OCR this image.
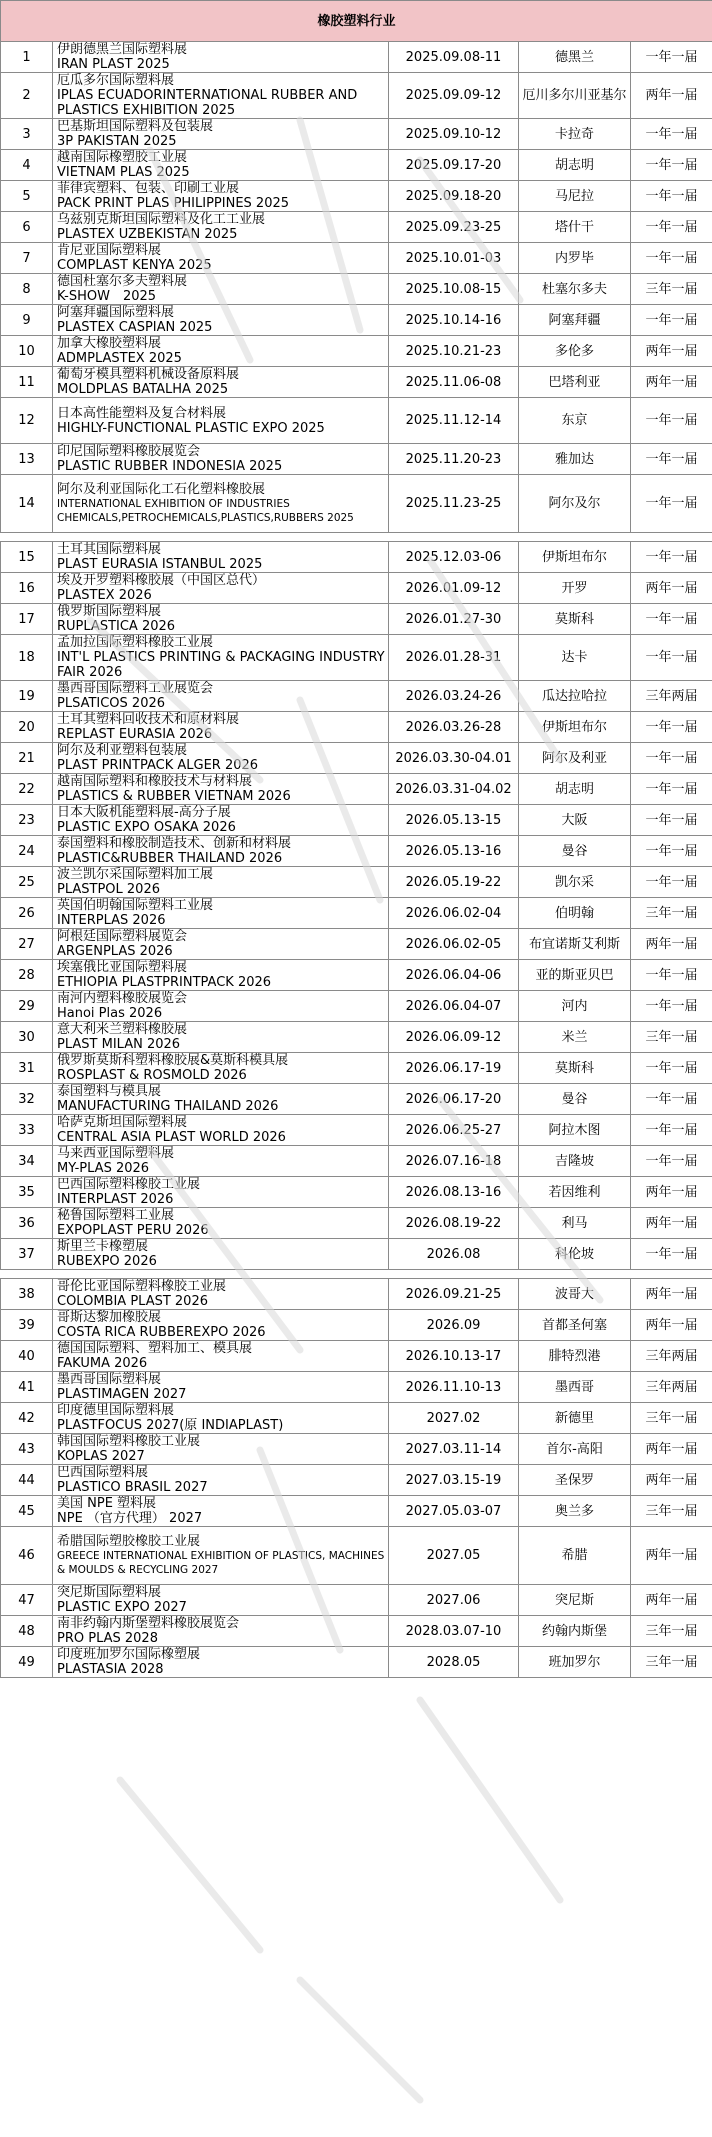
橡胶塑料行业				
1	伊朗德黑兰国际塑料展
IRAN PLAST 2025	2025.09.08-11	德黑兰	一年一届
2	厄瓜多尔国际塑料展
IPLAS ECUADORINTERNATIONAL RUBBER AND PLASTICS EXHIBITION 2025	2025.09.09-12	厄川多尔川亚基尔	两年一届
3	巴基斯坦国际塑料及包装展
3P PAKISTAN 2025	2025.09.10-12	卡拉奇	一年一届
4	越南国际橡塑胶工业展
VIETNAM PLAS 2025	2025.09.17-20	胡志明	一年一届
5	菲律宾塑料、包装、印刷工业展
PACK PRINT PLAS PHILIPPINES 2025	2025.09.18-20	马尼拉	一年一届
6	乌兹别克斯坦国际塑料及化工工业展
PLASTEX UZBEKISTAN 2025	2025.09.23-25	塔什干	一年一届
7	肯尼亚国际塑料展
COMPLAST KENYA 2025	2025.10.01-03	内罗毕	一年一届
8	德国杜塞尔多夫塑料展
K-SHOW　2025	2025.10.08-15	杜塞尔多夫	三年一届
9	阿塞拜疆国际塑料展
PLASTEX CASPIAN 2025	2025.10.14-16	阿塞拜疆	一年一届
10	加拿大橡胶塑料展
ADMPLASTEX 2025	2025.10.21-23	多伦多	两年一届
11	葡萄牙模具塑料机械设备原料展
MOLDPLAS BATALHA 2025	2025.11.06-08	巴塔利亚	两年一届
12	日本高性能塑料及复合材料展
HIGHLY-FUNCTIONAL PLASTIC EXPO 2025	2025.11.12-14	东京	一年一届
13	印尼国际塑料橡胶展览会
PLASTIC RUBBER INDONESIA 2025	2025.11.20-23	雅加达	一年一届
14	阿尔及利亚国际化工石化塑料橡胶展
INTERNATIONAL EXHIBITION OF INDUSTRIES CHEMICALS,PETROCHEMICALS,PLASTICS,RUBBERS 2025	2025.11.23-25	阿尔及尔	一年一届

15	土耳其国际塑料展
PLAST EURASIA ISTANBUL 2025	2025.12.03-06	伊斯坦布尔	一年一届
16	埃及开罗塑料橡胶展（中国区总代）
PLASTEX 2026	2026.01.09-12	开罗	两年一届
17	俄罗斯国际塑料展
RUPLASTICA 2026	2026.01.27-30	莫斯科	一年一届
18	孟加拉国际塑料橡胶工业展
INT'L PLASTICS PRINTING & PACKAGING INDUSTRY FAIR 2026	2026.01.28-31	达卡	一年一届
19	墨西哥国际塑料工业展览会
PLSATICOS 2026	2026.03.24-26	瓜达拉哈拉	三年两届
20	土耳其塑料回收技术和原材料展
REPLAST EURASIA 2026	2026.03.26-28	伊斯坦布尔	一年一届
21	阿尔及利亚塑料包装展
PLAST PRINTPACK ALGER 2026	2026.03.30-04.01	阿尔及利亚	一年一届
22	越南国际塑料和橡胶技术与材料展
PLASTICS & RUBBER VIETNAM 2026	2026.03.31-04.02	胡志明	一年一届
23	日本大阪机能塑料展-高分子展
PLASTIC EXPO OSAKA 2026	2026.05.13-15	大阪	一年一届
24	泰国塑料和橡胶制造技术、创新和材料展
PLASTIC&RUBBER THAILAND 2026	2026.05.13-16	曼谷	一年一届
25	波兰凯尔采国际塑料加工展
PLASTPOL 2026	2026.05.19-22	凯尔采	一年一届
26	英国伯明翰国际塑料工业展
INTERPLAS 2026	2026.06.02-04	伯明翰	三年一届
27	阿根廷国际塑料展览会
ARGENPLAS 2026	2026.06.02-05	布宜诺斯艾利斯	两年一届
28	埃塞俄比亚国际塑料展
ETHIOPIA PLASTPRINTPACK 2026	2026.06.04-06	亚的斯亚贝巴	一年一届
29	南河内塑料橡胶展览会
Hanoi Plas 2026	2026.06.04-07	河内	一年一届
30	意大利米兰塑料橡胶展
PLAST MILAN 2026	2026.06.09-12	米兰	三年一届
31	俄罗斯莫斯科塑料橡胶展&莫斯科模具展
ROSPLAST & ROSMOLD 2026	2026.06.17-19	莫斯科	一年一届
32	泰国塑料与模具展
MANUFACTURING THAILAND 2026	2026.06.17-20	曼谷	一年一届
33	哈萨克斯坦国际塑料展
CENTRAL ASIA PLAST WORLD 2026	2026.06.25-27	阿拉木图	一年一届
34	马来西亚国际塑料展
MY-PLAS 2026	2026.07.16-18	吉隆坡	一年一届
35	巴西国际塑料橡胶工业展
INTERPLAST 2026	2026.08.13-16	若因维利	两年一届
36	秘鲁国际塑料工业展
EXPOPLAST PERU 2026	2026.08.19-22	利马	两年一届
37	斯里兰卡橡塑展
RUBEXPO 2026	2026.08	科伦坡	一年一届

38	哥伦比亚国际塑料橡胶工业展
COLOMBIA PLAST 2026	2026.09.21-25	波哥大	两年一届
39	哥斯达黎加橡胶展
COSTA RICA RUBBEREXPO 2026	2026.09	首都圣何塞	两年一届
40	德国国际塑料、塑料加工、模具展
FAKUMA 2026	2026.10.13-17	腓特烈港	三年两届
41	墨西哥国际塑料展
PLASTIMAGEN 2027	2026.11.10-13	墨西哥	三年两届
42	印度德里国际塑料展
PLASTFOCUS 2027(原 INDIAPLAST)	2027.02	新德里	三年一届
43	韩国国际塑料橡胶工业展
KOPLAS 2027	2027.03.11-14	首尔-高阳	两年一届
44	巴西国际塑料展
PLASTICO BRASIL 2027	2027.03.15-19	圣保罗	两年一届
45	美国 NPE 塑料展
NPE （官方代理） 2027	2027.05.03-07	奥兰多	三年一届
46	希腊国际塑胶橡胶工业展
GREECE INTERNATIONAL EXHIBITION OF PLASTICS, MACHINES & MOULDS & RECYCLING 2027	2027.05	希腊	两年一届
47	突尼斯国际塑料展
PLASTIC EXPO 2027	2027.06	突尼斯	两年一届
48	南非约翰内斯堡塑料橡胶展览会
PRO PLAS 2028	2028.03.07-10	约翰内斯堡	三年一届
49	印度班加罗尔国际橡塑展
PLASTASIA 2028	2028.05	班加罗尔	三年一届
